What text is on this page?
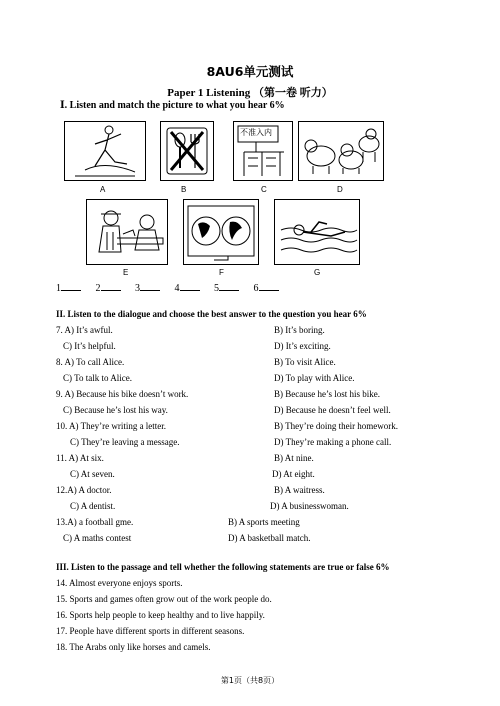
8AU6单元测试
Paper 1 Listening （第一卷 听力）
Ⅰ. Listen and match the picture to what you hear 6%
A	B
不准入内
C	D
E	F	G
1	2	3	4	5	6
II. Listen to the dialogue and choose the best answer to the question you hear 6%
7. A) It’s awful.	B) It’s boring.
C) It’s helpful.	D) It’s exciting.
8. A) To call Alice.	B) To visit Alice.
C) To talk to Alice.	D) To play with Alice.
9. A) Because his bike doesn’t work.	B) Because he’s lost his bike.
C) Because he’s lost his way.	D) Because he doesn’t feel well.
10. A) They’re writing a letter.	B) They’re doing their homework.
C) They’re leaving a message.	D) They’re making a phone call.
11. A) At six.	B) At nine.
C) At seven.	D) At eight.
12.A) A doctor.	B) A waitress.
C) A dentist.	D) A businesswoman.
13.A) a football gme.	B) A sports meeting
C) A maths contest	D) A basketball match.
III. Listen to the passage and tell whether the following statements are true or false 6%
14. Almost everyone enjoys sports.
15. Sports and games often grow out of the work people do.
16. Sports help people to keep healthy and to live happily.
17. People have different sports in different seasons.
18. The Arabs only like horses and camels.
第1页（共8页）
